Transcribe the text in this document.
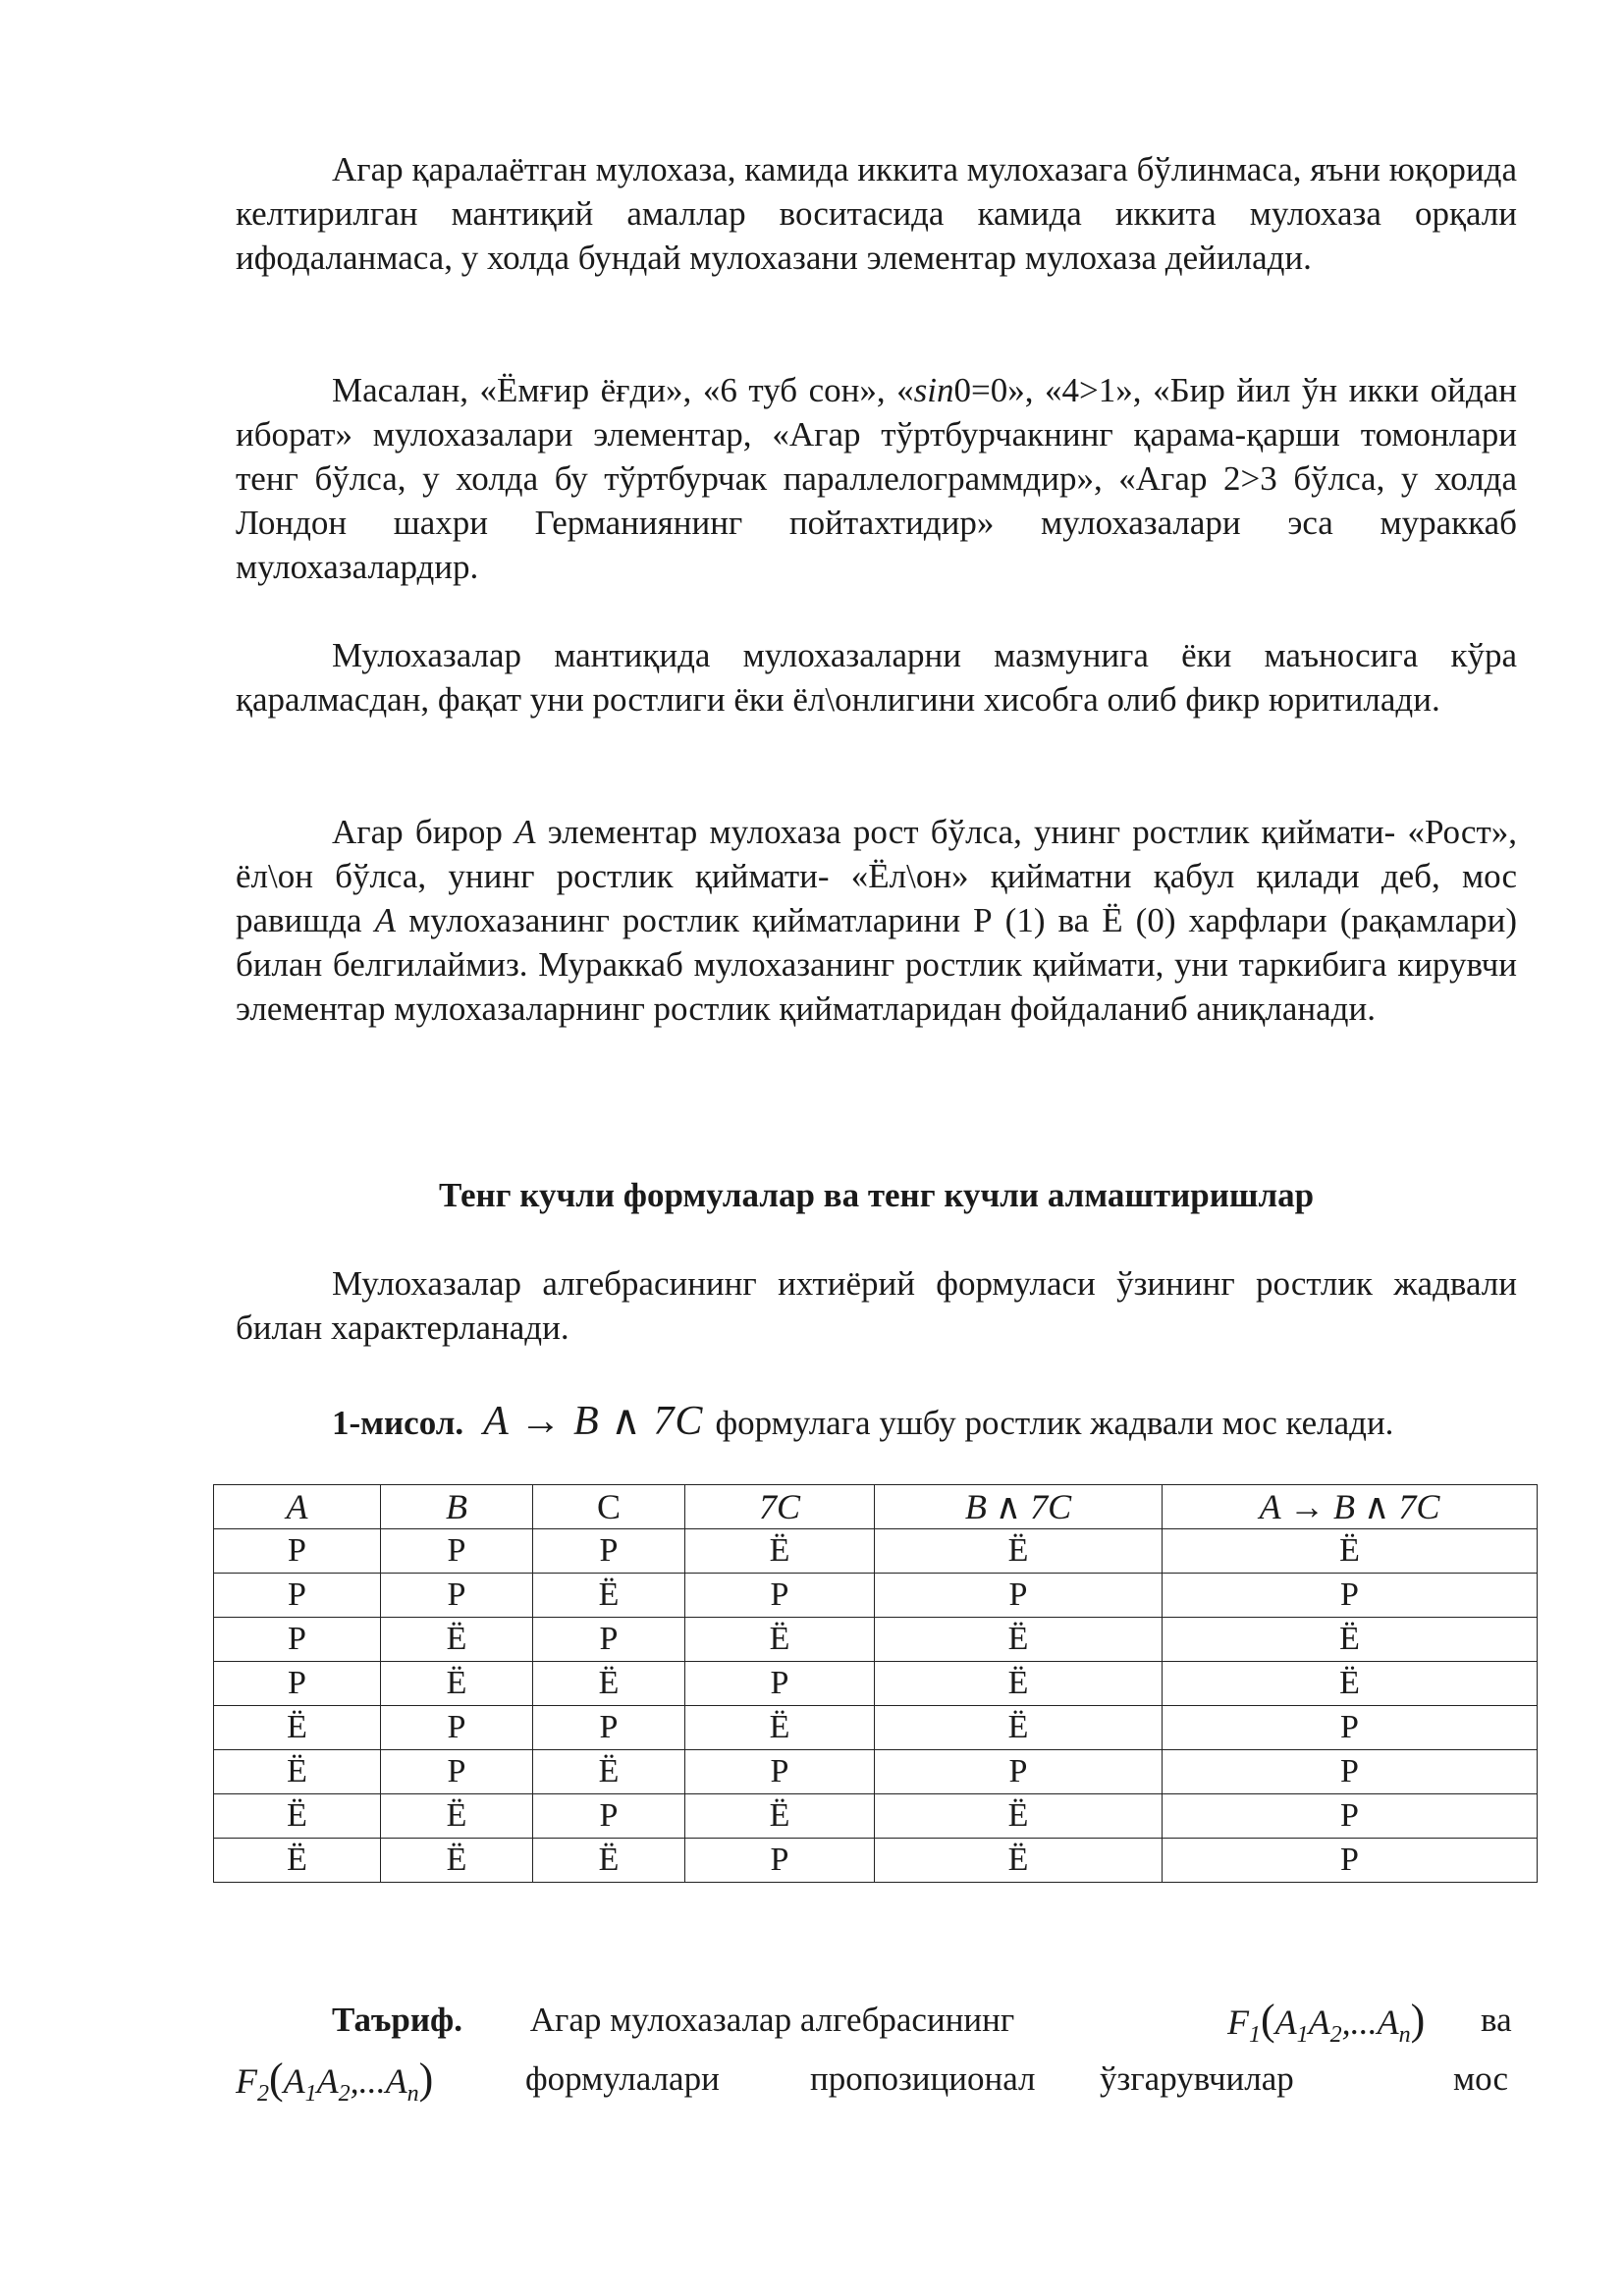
Агар қаралаётган мулохаза, камида иккита мулохазага бўлинмаса, яъни юқорида келтирилган мантиқий амаллар воситасида камида иккита мулохаза орқали ифодаланмаса, у холда бундай мулохазани элементар мулохаза дейилади.

Масалан, «Ёмғир ёғди», «6 туб сон», «sin0=0», «4>1», «Бир йил ўн икки ойдан иборат» мулохазалари элементар, «Агар тўртбурчакнинг қарама-қарши томонлари тенг бўлса, у холда бу тўртбурчак параллелограммдир», «Агар 2>3 бўлса, у холда Лондон шахри Германиянинг пойтахтидир» мулохазалари эса мураккаб мулохазалардир.

Мулохазалар мантиқида мулохазаларни мазмунига ёки маъносига кўра қаралмасдан, фақат уни ростлиги ёки ёл\онлигини хисобга олиб фикр юритилади.

Агар бирор А элементар мулохаза рост бўлса, унинг ростлик қиймати- «Рост», ёл\он бўлса, унинг ростлик қиймати- «Ёл\он» қийматни қабул қилади деб, мос равишда А мулохазанинг ростлик қийматларини Р (1) ва Ё (0) харфлари (рақамлари) билан белгилаймиз. Мураккаб мулохазанинг ростлик қиймати, уни таркибига кирувчи элементар мулохазаларнинг ростлик қийматларидан фойдаланиб аниқланади.

Тенг кучли формулалар ва тенг кучли алмаштиришлар

Мулохазалар алгебрасининг ихтиёрий формуласи ўзининг ростлик жадвали билан характерланади.

1-мисол. A → B ∧ 7C формулага ушбу ростлик жадвали мос келади.
A	B	C	7C	B ∧ 7C	A → B ∧ 7C
Р	Р	Р	Ё	Ё	Ё
Р	Р	Ё	Р	Р	Р
Р	Ё	Р	Ё	Ё	Ё
Р	Ё	Ё	Р	Ё	Ё
Ё	Р	Р	Ё	Ё	Р
Ё	Р	Ё	Р	Р	Р
Ё	Ё	Р	Ё	Ё	Р
Ё	Ё	Ё	Р	Ё	Р
Таъриф. Агар мулохазалар алгебрасининг	$F_1(A_1A_2,...A_n)$ ва
$F_2(A_1A_2,...A_n)$	формулалари	пропозиционал ўзгарувчилар	мос
